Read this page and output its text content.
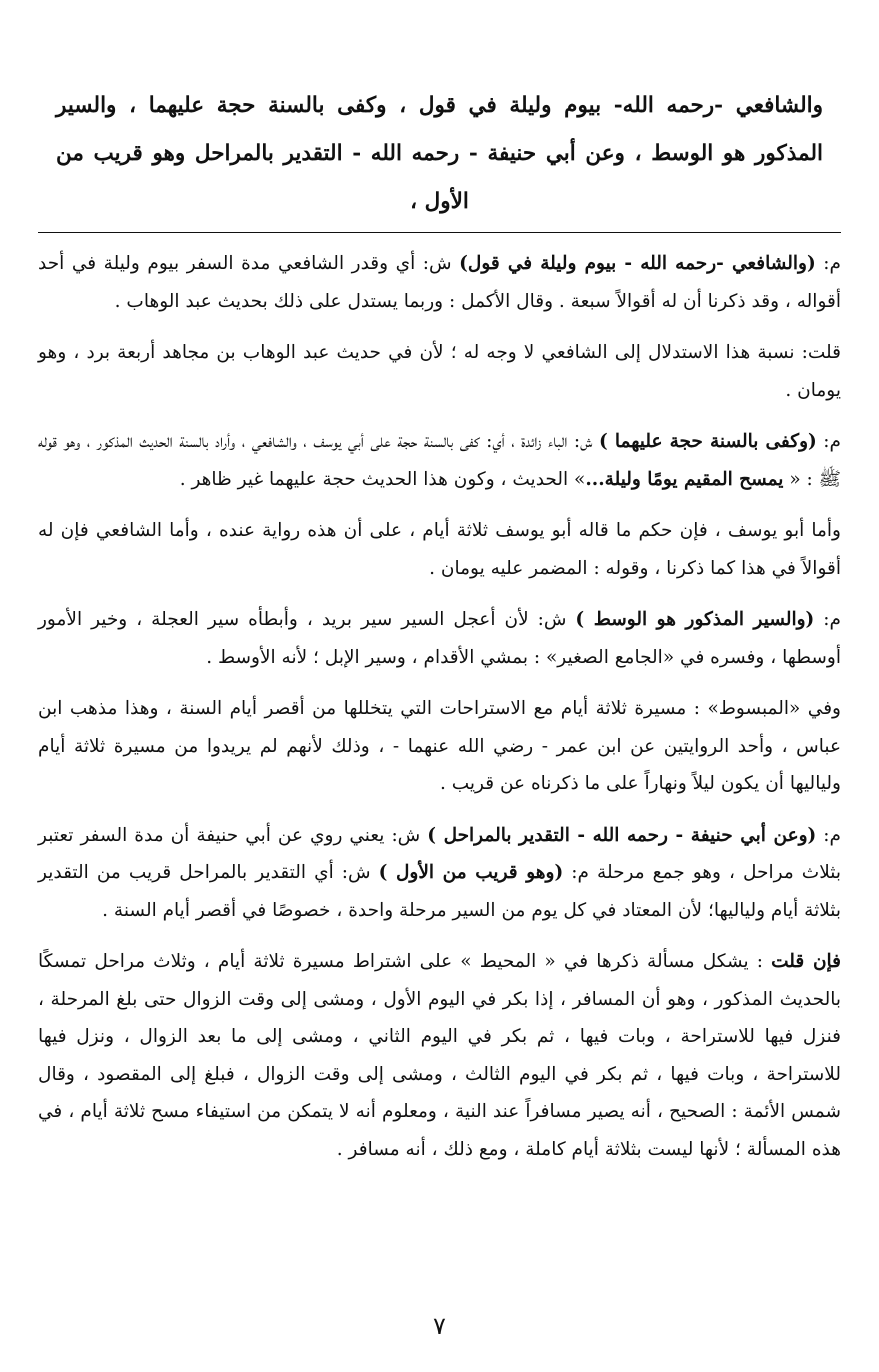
والشافعي -رحمه الله- بيوم وليلة في قول ، وكفى بالسنة حجة عليهما ، والسير المذكور هو الوسط ، وعن أبي حنيفة - رحمه الله - التقدير بالمراحل وهو قريب من الأول ،

م: (والشافعي -رحمه الله - بيوم وليلة في قول) ش: أي وقدر الشافعي مدة السفر بيوم وليلة في أحد أقواله ، وقد ذكرنا أن له أقوالاً سبعة . وقال الأكمل : وربما يستدل على ذلك بحديث عبد الوهاب .

قلت: نسبة هذا الاستدلال إلى الشافعي لا وجه له ؛ لأن في حديث عبد الوهاب بن مجاهد أربعة برد ، وهو يومان .

م: (وكفى بالسنة حجة عليهما ) ش: الباء زائدة ، أي: كفى بالسنة حجة على أبي يوسف ، والشافعي ، وأراد بالسنة الحديث المذكور ، وهو قوله ﷺ : « يمسح المقيم يومًا وليلة...» الحديث ، وكون هذا الحديث حجة عليهما غير ظاهر .

وأما أبو يوسف ، فإن حكم ما قاله أبو يوسف ثلاثة أيام ، على أن هذه رواية عنده ، وأما الشافعي فإن له أقوالاً في هذا كما ذكرنا ، وقوله : المضمر عليه يومان .

م: (والسير المذكور هو الوسط ) ش: لأن أعجل السير سير بريد ، وأبطأه سير العجلة ، وخير الأمور أوسطها ، وفسره في «الجامع الصغير» : بمشي الأقدام ، وسير الإبل ؛ لأنه الأوسط .

وفي «المبسوط» : مسيرة ثلاثة أيام مع الاستراحات التي يتخللها من أقصر أيام السنة ، وهذا مذهب ابن عباس ، وأحد الروايتين عن ابن عمر - رضي الله عنهما - ، وذلك لأنهم لم يريدوا من مسيرة ثلاثة أيام ولياليها أن يكون ليلاً ونهاراً على ما ذكرناه عن قريب .

م: (وعن أبي حنيفة - رحمه الله - التقدير بالمراحل ) ش: يعني روي عن أبي حنيفة أن مدة السفر تعتبر بثلاث مراحل ، وهو جمع مرحلة م: (وهو قريب من الأول ) ش: أي التقدير بالمراحل قريب من التقدير بثلاثة أيام ولياليها؛ لأن المعتاد في كل يوم من السير مرحلة واحدة ، خصوصًا في أقصر أيام السنة .

فإن قلت : يشكل مسألة ذكرها في « المحيط » على اشتراط مسيرة ثلاثة أيام ، وثلاث مراحل تمسكًا بالحديث المذكور ، وهو أن المسافر ، إذا بكر في اليوم الأول ، ومشى إلى وقت الزوال حتى بلغ المرحلة ، فنزل فيها للاستراحة ، وبات فيها ، ثم بكر في اليوم الثاني ، ومشى إلى ما بعد الزوال ، ونزل فيها للاستراحة ، وبات فيها ، ثم بكر في اليوم الثالث ، ومشى إلى وقت الزوال ، فبلغ إلى المقصود ، وقال شمس الأئمة : الصحيح ، أنه يصير مسافراً عند النية ، ومعلوم أنه لا يتمكن من استيفاء مسح ثلاثة أيام ، في هذه المسألة ؛ لأنها ليست بثلاثة أيام كاملة ، ومع ذلك ، أنه مسافر .

٧
